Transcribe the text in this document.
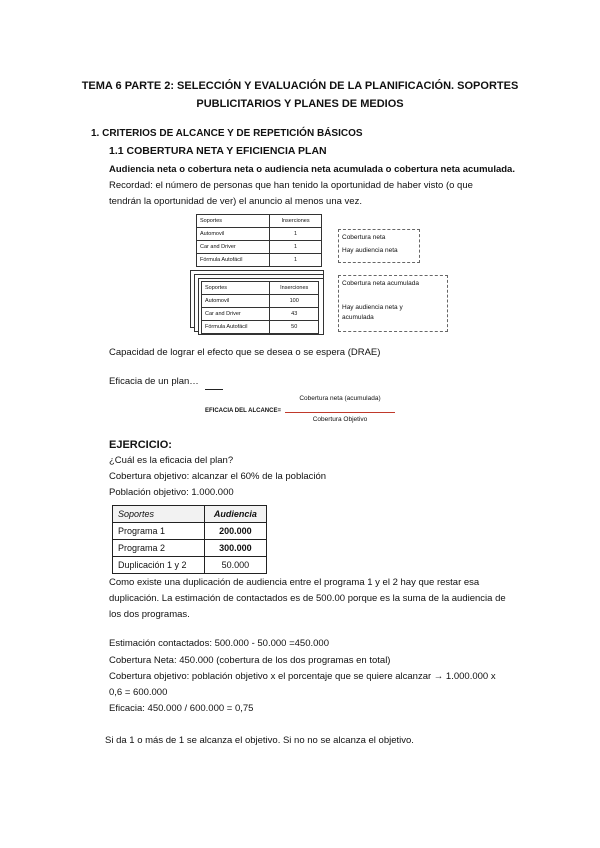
TEMA 6 PARTE 2: SELECCIÓN Y EVALUACIÓN DE LA PLANIFICACIÓN. SOPORTES PUBLICITARIOS Y PLANES DE MEDIOS
1. CRITERIOS DE ALCANCE Y DE REPETICIÓN BÁSICOS
1.1 COBERTURA NETA Y EFICIENCIA PLAN
Audiencia neta o cobertura neta o audiencia neta acumulada o cobertura neta acumulada.
Recordad: el número de personas que han tenido la oportunidad de haber visto (o que
tendrán la oportunidad de ver) el anuncio al menos una vez.
Soportes	Inserciones
Automovil	1
Car and Driver	1
Fórmula Autofácil	1
Cobertura neta
Hay audiencia neta
Soportes	Inserciones
Automovil	100
Car and Driver	43
Fórmula Autofácil	50
Cobertura neta acumulada
Hay audiencia neta y acumulada
Capacidad de lograr el efecto que se desea o se espera (DRAE)
Eficacia de un plan…
EFICACIA DEL ALCANCE=
Cobertura neta (acumulada)
Cobertura Objetivo
EJERCICIO:
¿Cuál es la eficacia del plan?
Cobertura objetivo: alcanzar el 60% de la población
Población objetivo: 1.000.000
Soportes	Audiencia
Programa 1	200.000
Programa 2	300.000
Duplicación 1 y 2	50.000
Como existe una duplicación de audiencia entre el programa 1 y el 2 hay que restar esa
duplicación. La estimación de contactados es de 500.00 porque es la suma de la audiencia de
los dos programas.
Estimación contactados: 500.000 - 50.000 =450.000
Cobertura Neta: 450.000 (cobertura de los dos programas en total)
Cobertura objetivo: población objetivo x el porcentaje que se quiere alcanzar → 1.000.000 x
0,6 = 600.000
Eficacia: 450.000 / 600.000 = 0,75
Si da 1 o más de 1 se alcanza el objetivo. Si no no se alcanza el objetivo.
